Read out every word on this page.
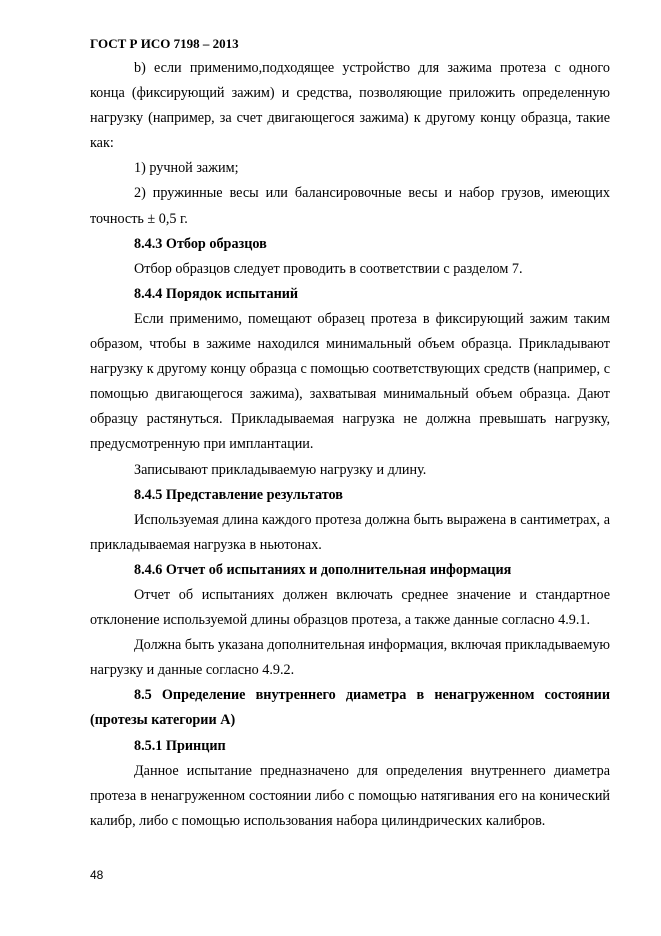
ГОСТ Р ИСО 7198 – 2013

b) если применимо,подходящее устройство для зажима протеза с одного конца (фиксирующий зажим) и средства, позволяющие приложить определенную нагрузку (например, за счет двигающегося зажима) к другому концу образца, такие как:

1) ручной зажим;

2) пружинные весы или балансировочные весы и набор грузов, имеющих точность ± 0,5 г.

8.4.3 Отбор образцов

Отбор образцов следует проводить в соответствии с разделом 7.

8.4.4 Порядок испытаний

Если применимо, помещают образец протеза в фиксирующий зажим таким образом, чтобы в зажиме находился минимальный объем образца. Прикладывают нагрузку к другому концу образца с помощью соответствующих средств (например, с помощью двигающегося зажима), захватывая минимальный объем образца. Дают образцу растянуться. Прикладываемая нагрузка не должна превышать нагрузку, предусмотренную при имплантации.

Записывают прикладываемую нагрузку и длину.

8.4.5 Представление результатов

Используемая длина каждого протеза должна быть выражена в сантиметрах, а прикладываемая нагрузка в ньютонах.

8.4.6 Отчет об испытаниях и дополнительная информация

Отчет об испытаниях должен включать среднее значение и стандартное отклонение используемой длины образцов протеза, а также данные согласно 4.9.1.

Должна быть указана дополнительная информация, включая прикладываемую нагрузку и данные согласно 4.9.2.

8.5 Определение внутреннего диаметра в ненагруженном состоянии (протезы категории А)

8.5.1 Принцип

Данное испытание предназначено для определения внутреннего диаметра протеза в ненагруженном состоянии либо с помощью натягивания его на конический калибр, либо с помощью использования набора цилиндрических калибров.

48
